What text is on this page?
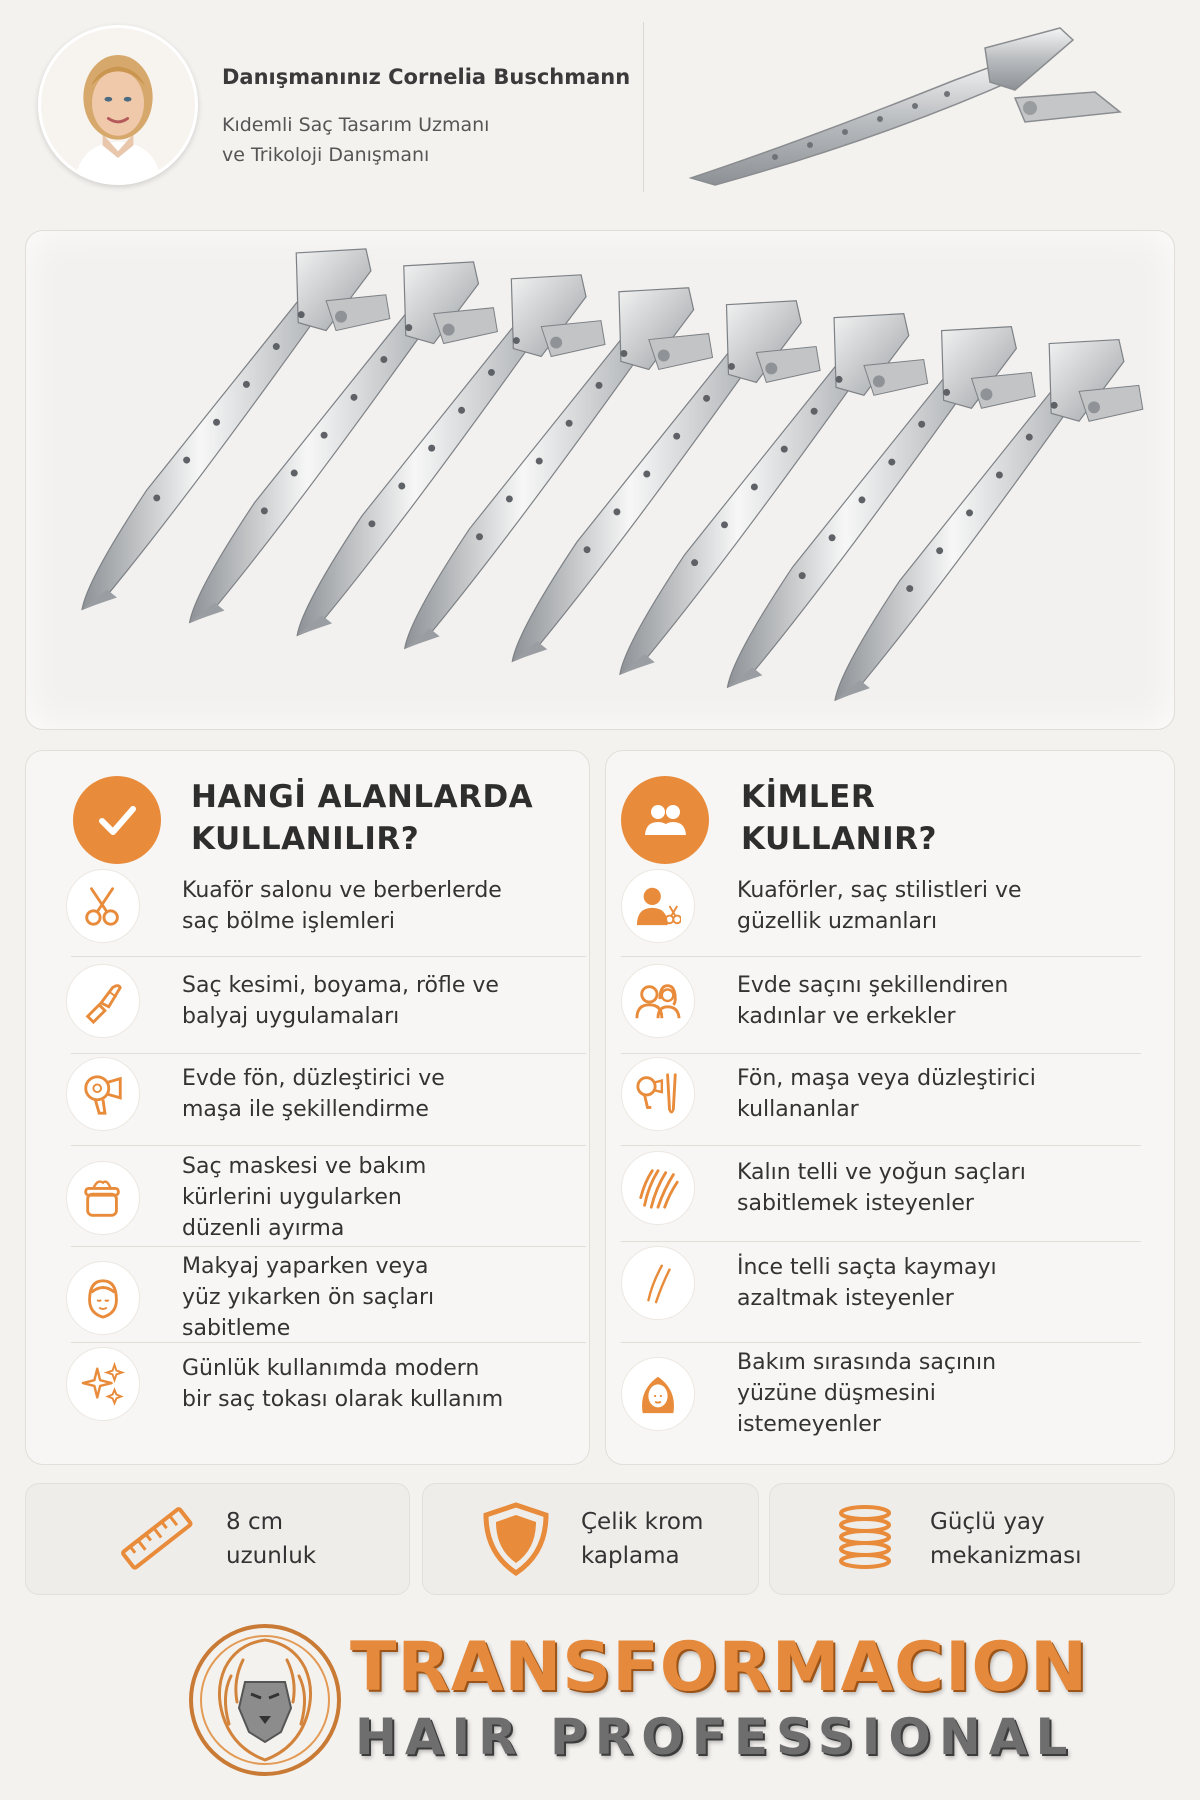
Danışmanınız Cornelia Buschmann
Kıdemli Saç Tasarım Uzmanı
ve Trikoloji Danışmanı
HANGİ ALANLARDA
KULLANILIR?
Kuaför salonu ve berberlerde
saç bölme işlemleri
Saç kesimi, boyama, röfle ve
balyaj uygulamaları
Evde fön, düzleştirici ve
maşa ile şekillendirme
Saç maskesi ve bakım
kürlerini uygularken
düzenli ayırma
Makyaj yaparken veya
yüz yıkarken ön saçları
sabitleme
Günlük kullanımda modern
bir saç tokası olarak kullanım
KİMLER
KULLANIR?
Kuaförler, saç stilistleri ve
güzellik uzmanları
Evde saçını şekillendiren
kadınlar ve erkekler
Fön, maşa veya düzleştirici
kullananlar
Kalın telli ve yoğun saçları
sabitlemek isteyenler
İnce telli saçta kaymayı
azaltmak isteyenler
Bakım sırasında saçının
yüzüne düşmesini
istemeyenler
8 cm
uzunluk
Çelik krom
kaplama
Güçlü yay
mekanizması
TRANSFORMACION
HAIR PROFESSIONAL
